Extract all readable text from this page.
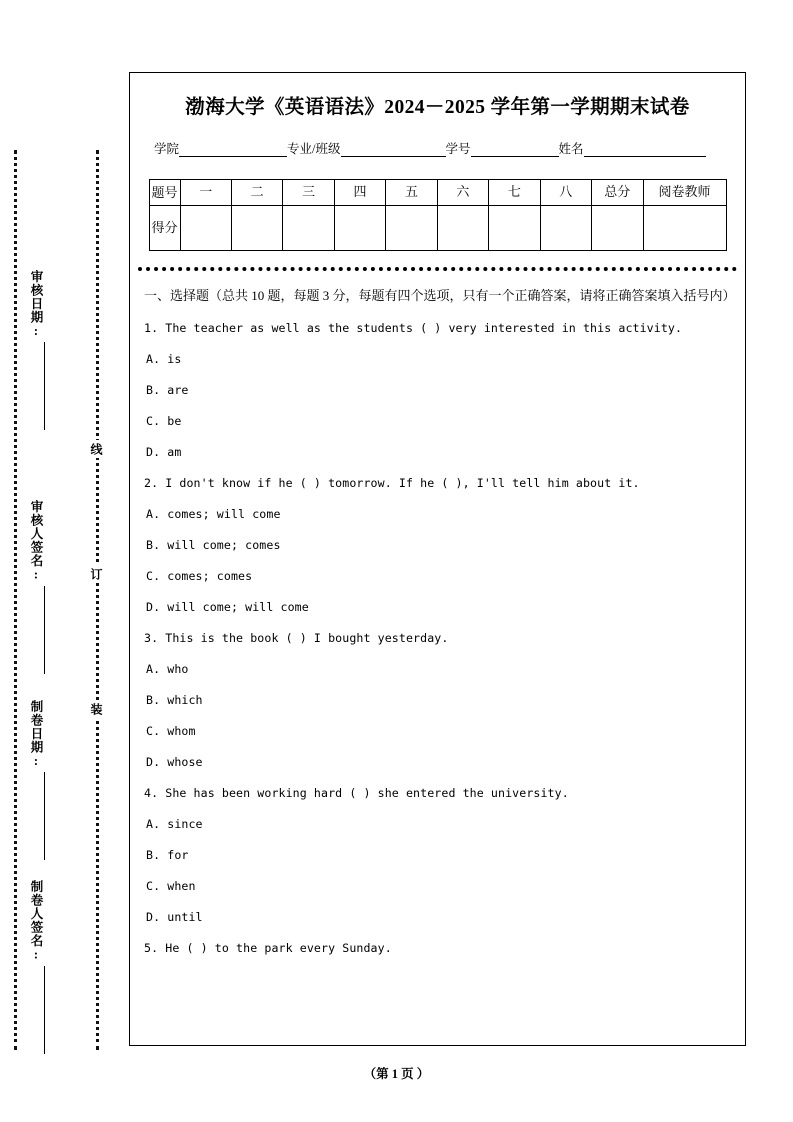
审核日期:
审核人签名:
制卷日期:
制卷人签名:
线
订
装
渤海大学《英语语法》2024－2025 学年第一学期期末试卷
学院	专业/班级	学号	姓名
题号	一	二	三	四	五	六	七	八	总分	阅卷教师
得分										
一、选择题（总共 10 题，每题 3 分，每题有四个选项，只有一个正确答案，请将正确答案填入括号内）
1. The teacher as well as the students ( ) very interested in this activity.
A. is
B. are
C. be
D. am
2. I don't know if he ( ) tomorrow. If he ( ), I'll tell him about it.
A. comes; will come
B. will come; comes
C. comes; comes
D. will come; will come
3. This is the book ( ) I bought yesterday.
A. who
B. which
C. whom
D. whose
4. She has been working hard ( ) she entered the university.
A. since
B. for
C. when
D. until
5. He ( ) to the park every Sunday.
（第 1 页 ）
